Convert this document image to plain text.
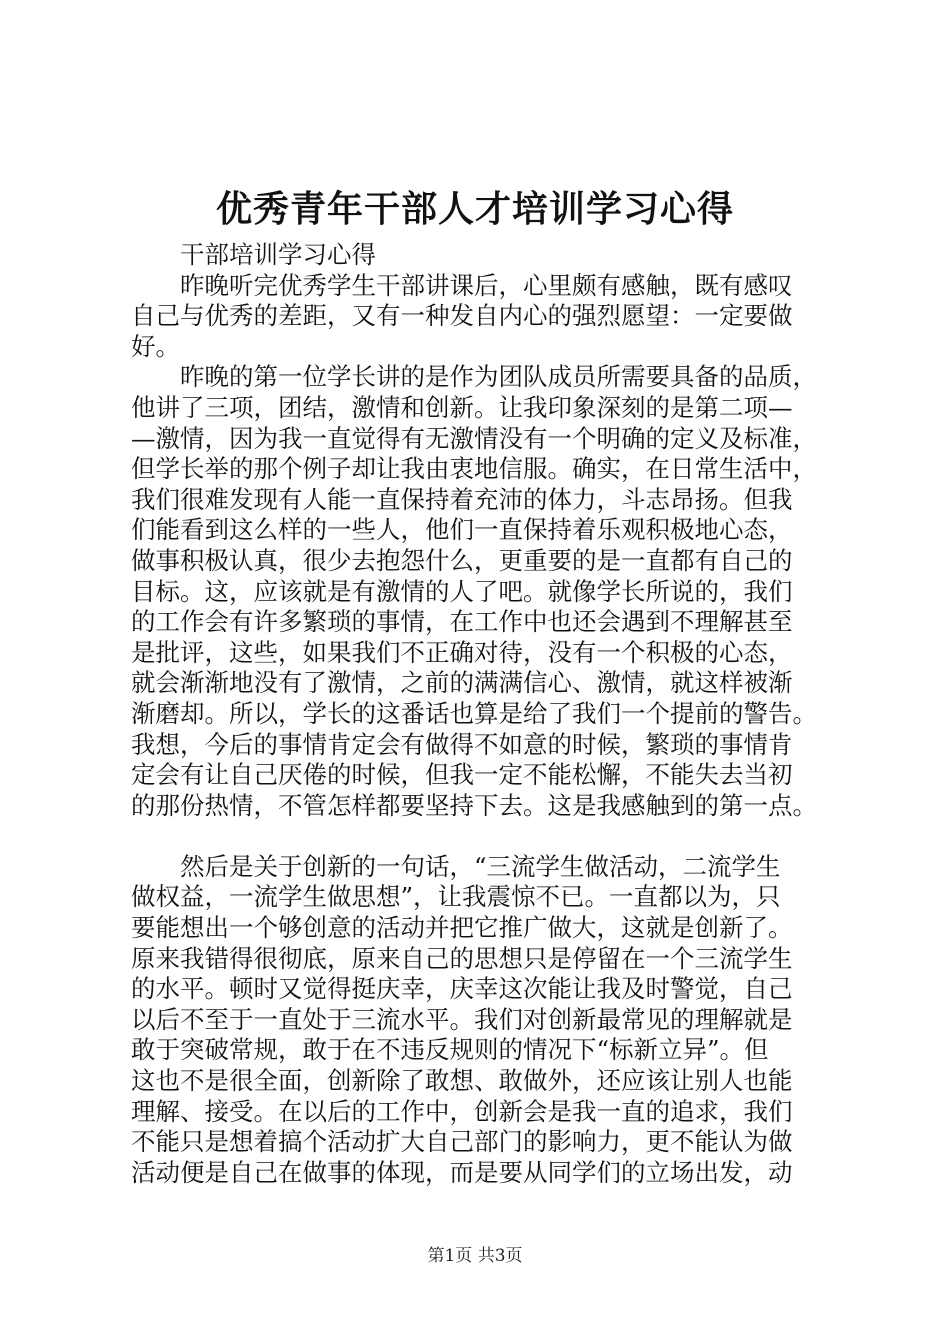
优秀青年干部人才培训学习心得
　　干部培训学习心得
　　昨晚听完优秀学生干部讲课后，心里颇有感触，既有感叹
自己与优秀的差距，又有一种发自内心的强烈愿望：一定要做
好。
　　昨晚的第一位学长讲的是作为团队成员所需要具备的品质，
他讲了三项，团结，激情和创新。让我印象深刻的是第二项—
—激情，因为我一直觉得有无激情没有一个明确的定义及标准，
但学长举的那个例子却让我由衷地信服。确实，在日常生活中，
我们很难发现有人能一直保持着充沛的体力，斗志昂扬。但我
们能看到这么样的一些人，他们一直保持着乐观积极地心态，
做事积极认真，很少去抱怨什么，更重要的是一直都有自己的
目标。这，应该就是有激情的人了吧。就像学长所说的，我们
的工作会有许多繁琐的事情，在工作中也还会遇到不理解甚至
是批评，这些，如果我们不正确对待，没有一个积极的心态，
就会渐渐地没有了激情，之前的满满信心、激情，就这样被渐
渐磨却。所以，学长的这番话也算是给了我们一个提前的警告。
我想，今后的事情肯定会有做得不如意的时候，繁琐的事情肯
定会有让自己厌倦的时候，但我一定不能松懈，不能失去当初
的那份热情，不管怎样都要坚持下去。这是我感触到的第一点。
　　然后是关于创新的一句话，“三流学生做活动，二流学生
做权益，一流学生做思想”，让我震惊不已。一直都以为，只
要能想出一个够创意的活动并把它推广做大，这就是创新了。
原来我错得很彻底，原来自己的思想只是停留在一个三流学生
的水平。顿时又觉得挺庆幸，庆幸这次能让我及时警觉，自己
以后不至于一直处于三流水平。我们对创新最常见的理解就是
敢于突破常规，敢于在不违反规则的情况下“标新立异”。但
这也不是很全面，创新除了敢想、敢做外，还应该让别人也能
理解、接受。在以后的工作中，创新会是我一直的追求，我们
不能只是想着搞个活动扩大自己部门的影响力，更不能认为做
活动便是自己在做事的体现，而是要从同学们的立场出发，动
第1页 共3页
